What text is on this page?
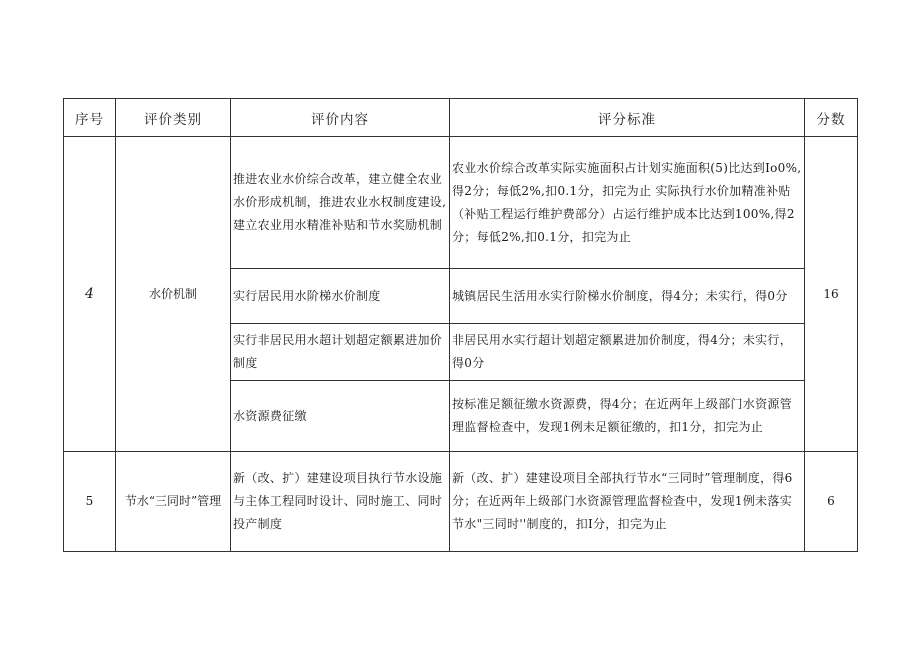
序号	评价类别	评价内容	评分标准	分数
4	水价机制	推进农业水价综合改革，建立健全农业水价形成机制，推进农业水权制度建设,建立农业用水精准补贴和节水奖励机制	农业水价综合改革实际实施面积占计划实施面积(5)比达到Io0%,得2分；每低2%,扣0.1分，扣完为止 实际执行水价加精准补贴（补贴工程运行维护费部分）占运行维护成本比达到100%,得2分；每低2%,扣0.1分，扣完为止	16
		实行居民用水阶梯水价制度	城镇居民生活用水实行阶梯水价制度，得4分；未实行，得0分	
		实行非居民用水超计划超定额累进加价制度	非居民用水实行超计划超定额累进加价制度，得4分；未实行，得0分	
		水资源费征缴	按标准足额征缴水资源费，得4分；在近两年上级部门水资源管理监督检查中，发现1例未足额征缴的，扣1分，扣完为止	
5	节水“三同时”管理	新（改、扩）建建设项目执行节水设施与主体工程同时设计、同时施工、同时投产制度	新（改、扩）建建设项目全部执行节水“三同时”管理制度，得6分；在近两年上级部门水资源管理监督检查中，发现1例未落实节水"三同时''制度的，扣I分，扣完为止	6
